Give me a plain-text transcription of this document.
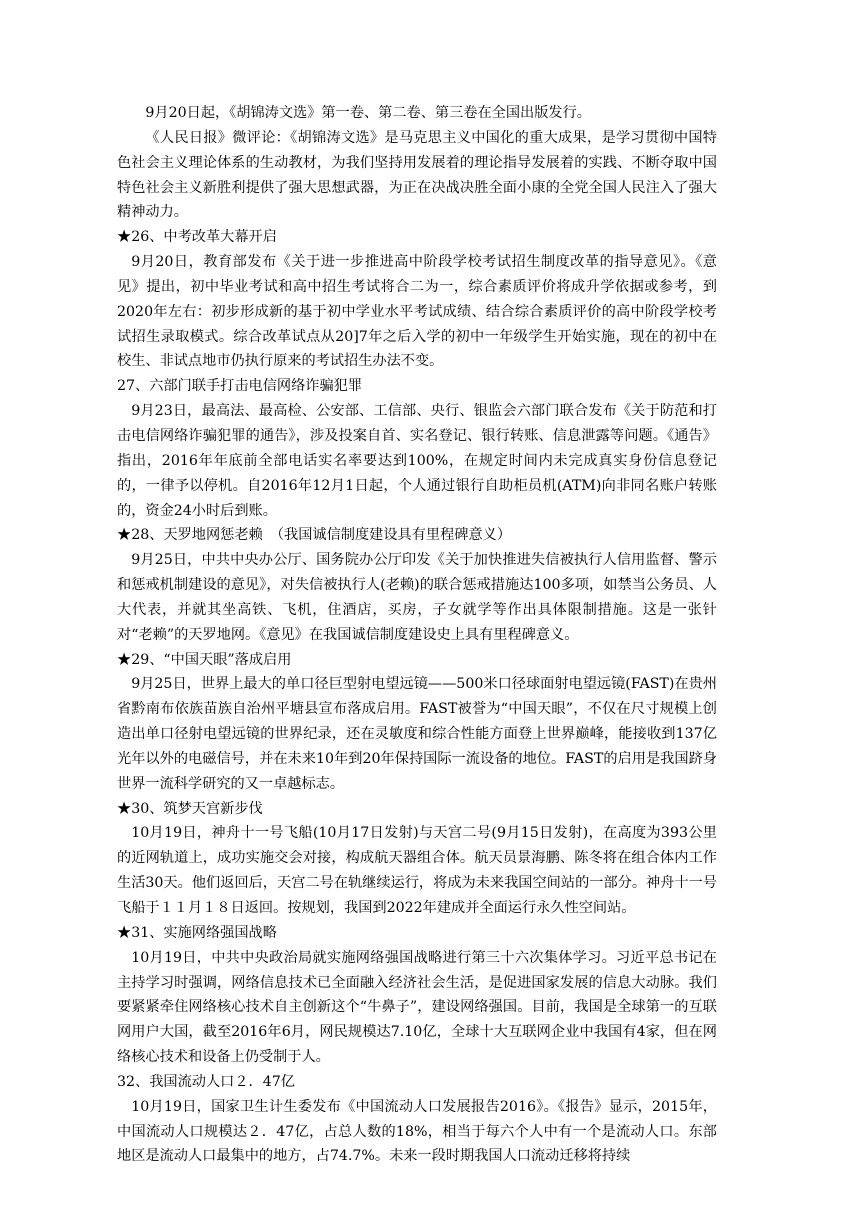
9月20日起，《胡锦涛文选》第一卷、第二卷、第三卷在全国出版发行。

《人民日报》微评论：《胡锦涛文选》是马克思主义中国化的重大成果，是学习贯彻中国特色社会主义理论体系的生动教材，为我们坚持用发展着的理论指导发展着的实践、不断夺取中国特色社会主义新胜利提供了强大思想武器，为正在决战决胜全面小康的全党全国人民注入了强大精神动力。

★26、中考改革大幕开启

9月20日，教育部发布《关于进一步推进高中阶段学校考试招生制度改革的指导意见》。《意见》提出，初中毕业考试和高中招生考试将合二为一，综合素质评价将成升学依据或参考，到2020年左右：初步形成新的基于初中学业水平考试成绩、结合综合素质评价的高中阶段学校考试招生录取模式。综合改革试点从20]7年之后入学的初中一年级学生开始实施，现在的初中在校生、非试点地市仍执行原来的考试招生办法不变。

27、六部门联手打击电信网络诈骗犯罪

9月23日，最高法、最高检、公安部、工信部、央行、银监会六部门联合发布《关于防范和打击电信网络诈骗犯罪的通告》，涉及投案自首、实名登记、银行转账、信息泄露等问题。《通告》指出，2016年年底前全部电话实名率要达到100%，在规定时间内未完成真实身份信息登记的，一律予以停机。自2016年12月1日起，个人通过银行自助柜员机(ATM)向非同名账户转账的，资金24小时后到账。

★28、天罗地网惩老赖　（我国诚信制度建设具有里程碑意义）

9月25日，中共中央办公厅、国务院办公厅印发《关于加快推进失信被执行人信用监督、警示和惩戒机制建设的意见》，对失信被执行人(老赖)的联合惩戒措施达100多项，如禁当公务员、人大代表，并就其坐高铁、飞机，住酒店，买房，子女就学等作出具体限制措施。这是一张针对“老赖”的天罗地网。《意见》在我国诚信制度建设史上具有里程碑意义。

★29、“中国天眼”落成启用

9月25日，世界上最大的单口径巨型射电望远镜——500米口径球面射电望远镜(FAST)在贵州省黔南布依族苗族自治州平塘县宣布落成启用。FAST被誉为“中国天眼”，不仅在尺寸规模上创造出单口径射电望远镜的世界纪录，还在灵敏度和综合性能方面登上世界巅峰，能接收到137亿光年以外的电磁信号，并在未来10年到20年保持国际一流设备的地位。FAST的启用是我国跻身世界一流科学研究的又一卓越标志。

★30、筑梦天宫新步伐

10月19日，神舟十一号飞船(10月17日发射)与天宫二号(9月15日发射)，在高度为393公里的近网轨道上，成功实施交会对接，构成航天器组合体。航天员景海鹏、陈冬将在组合体内工作生活30天。他们返回后，天宫二号在轨继续运行，将成为未来我国空间站的一部分。神舟十一号飞船于１１月１８日返回。按规划，我国到2022年建成并全面运行永久性空间站。

★31、实施网络强国战略

10月19日，中共中央政治局就实施网络强国战略进行第三十六次集体学习。习近平总书记在主持学习时强调，网络信息技术已全面融入经济社会生活，是促进国家发展的信息大动脉。我们要紧紧牵住网络核心技术自主创新这个“牛鼻子”，建设网络强国。目前，我国是全球第一的互联网用户大国，截至2016年6月，网民规模达7.10亿，全球十大互联网企业中我国有4家，但在网络核心技术和设备上仍受制于人。

32、我国流动人口２．47亿

10月19日，国家卫生计生委发布《中国流动人口发展报告2016》。《报告》显示，2015年，中国流动人口规模达２．47亿，占总人数的18%，相当于每六个人中有一个是流动人口。东部地区是流动人口最集中的地方，占74.7%。未来一段时期我国人口流动迁移将持续
